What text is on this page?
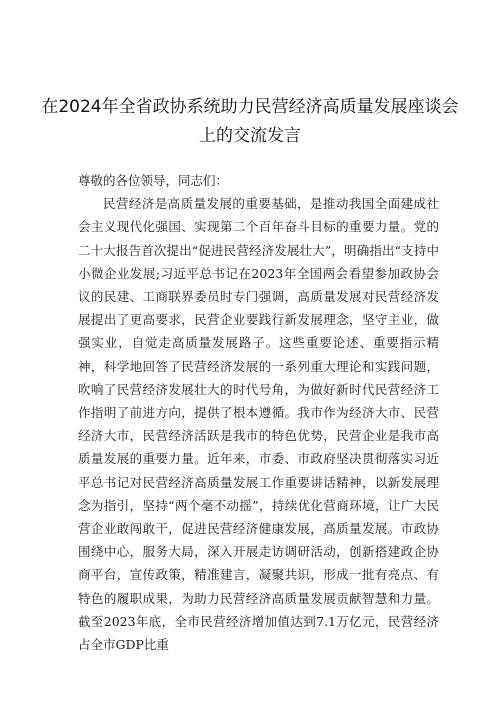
在2024年全省政协系统助力民营经济高质量发展座谈会
上的交流发言

尊敬的各位领导，同志们：

民营经济是高质量发展的重要基础，是推动我国全面建成社会主义现代化强国、实现第二个百年奋斗目标的重要力量。党的二十大报告首次提出“促进民营经济发展壮大”，明确指出“支持中小微企业发展;习近平总书记在2023年全国两会看望参加政协会议的民建、工商联界委员时专门强调，高质量发展对民营经济发展提出了更高要求，民营企业要践行新发展理念，坚守主业，做强实业，自觉走高质量发展路子。这些重要论述、重要指示精神，科学地回答了民营经济发展的一系列重大理论和实践问题，吹响了民营经济发展壮大的时代号角，为做好新时代民营经济工作指明了前进方向，提供了根本遵循。我市作为经济大市、民营经济大市，民营经济活跃是我市的特色优势，民营企业是我市高质量发展的重要力量。近年来，市委、市政府坚决贯彻落实习近平总书记对民营经济高质量发展工作重要讲话精神，以新发展理念为指引，坚持“两个毫不动摇”，持续优化营商环境，让广大民营企业敢闯敢干，促进民营经济健康发展，高质量发展。市政协围绕中心，服务大局，深入开展走访调研活动，创新搭建政企协商平台，宣传政策，精准建言，凝聚共识，形成一批有亮点、有特色的履职成果，为助力民营经济高质量发展贡献智慧和力量。截至2023年底，全市民营经济增加值达到7.1万亿元，民营经济占全市GDP比重
